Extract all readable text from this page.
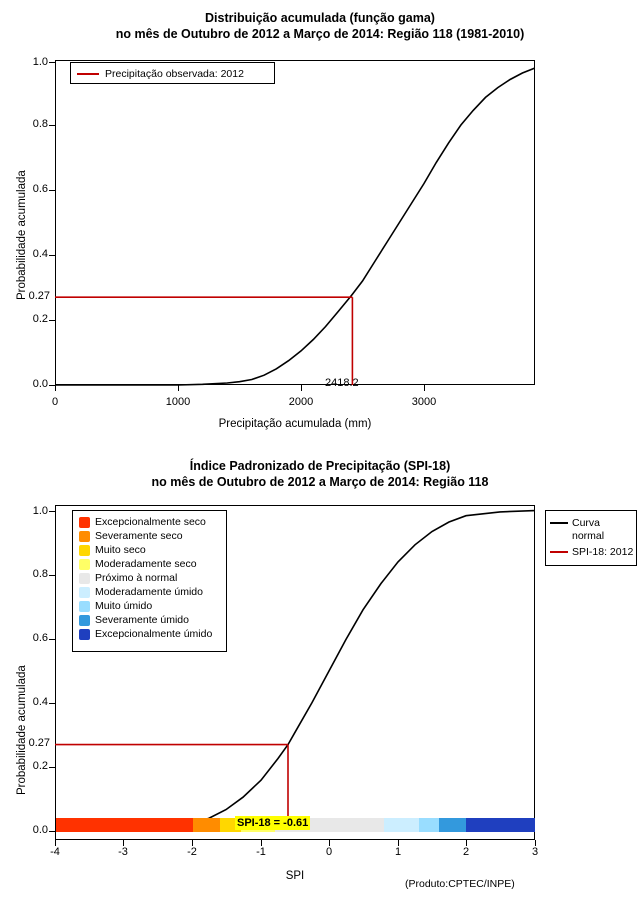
Distribuição acumulada (função gama)
no mês de Outubro de 2012 a Março de 2014: Região 118 (1981-2010)
Probabilidade acumulada
0.0
0.2
0.4
0.6
0.8
1.0
0	1000	2000	3000
Precipitação acumulada (mm)
0.27
2418.2
Precipitação observada: 2012
Índice Padronizado de Precipitação (SPI-18)
no mês de Outubro de 2012 a Março de 2014: Região 118
Probabilidade acumulada
0.0
0.2
0.4
0.6
0.8
1.0
-4	-3	-2	-1	0	1	2	3
SPI
(Produto:CPTEC/INPE)
0.27
SPI-18 = -0.61
Excepcionalmente seco
Severamente seco
Muito seco
Moderadamente seco
Próximo à normal
Moderadamente úmido
Muito úmido
Severamente úmido
Excepcionalmente úmido
Curva
normal
SPI-18: 2012
